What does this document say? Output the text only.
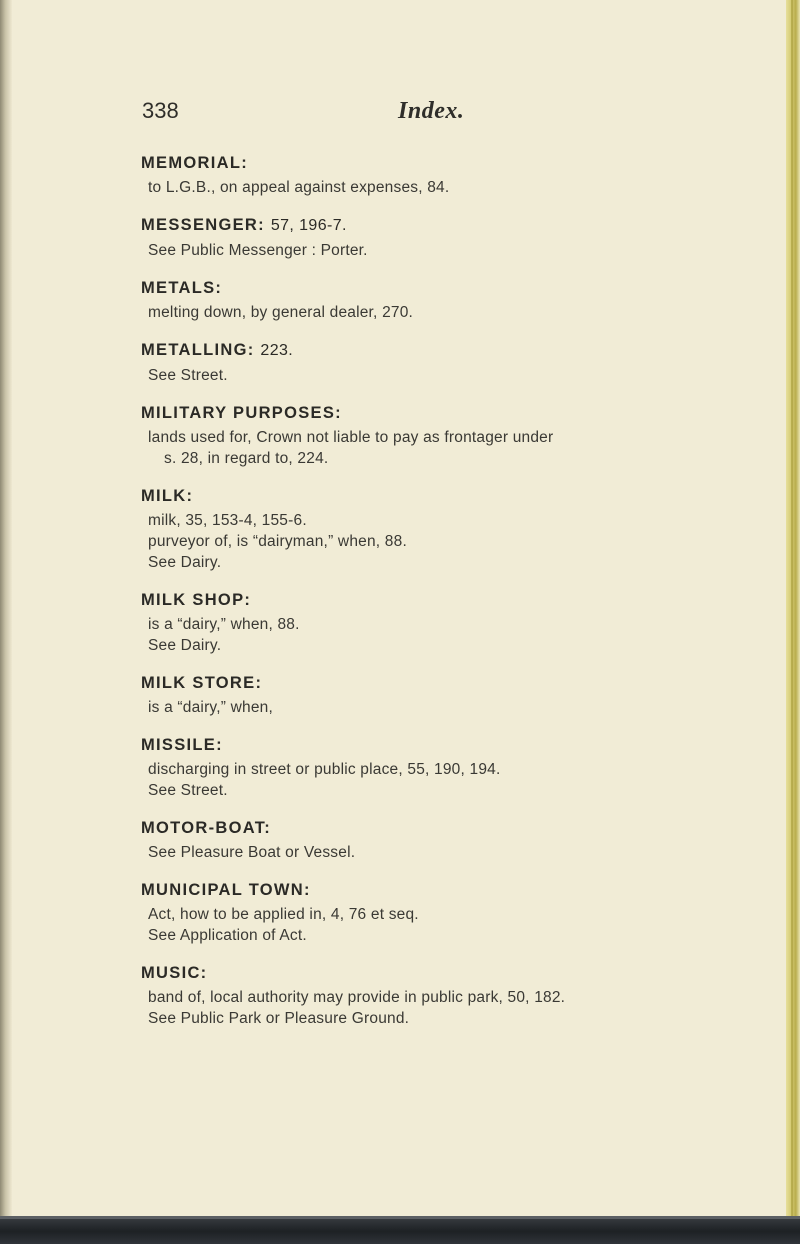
338	Index.
MEMORIAL:
to L.G.B., on appeal against expenses, 84.
MESSENGER: 57, 196-7.
See Public Messenger : Porter.
METALS:
melting down, by general dealer, 270.
METALLING: 223.
See Street.
MILITARY PURPOSES:
lands used for, Crown not liable to pay as frontager under
s. 28, in regard to, 224.
MILK:
milk, 35, 153-4, 155-6.
purveyor of, is “dairyman,” when, 88.
See Dairy.
MILK SHOP:
is a “dairy,” when, 88.
See Dairy.
MILK STORE:
is a “dairy,” when,
MISSILE:
discharging in street or public place, 55, 190, 194.
See Street.
MOTOR-BOAT:
See Pleasure Boat or Vessel.
MUNICIPAL TOWN:
Act, how to be applied in, 4, 76 et seq.
See Application of Act.
MUSIC:
band of, local authority may provide in public park, 50, 182.
See Public Park or Pleasure Ground.
